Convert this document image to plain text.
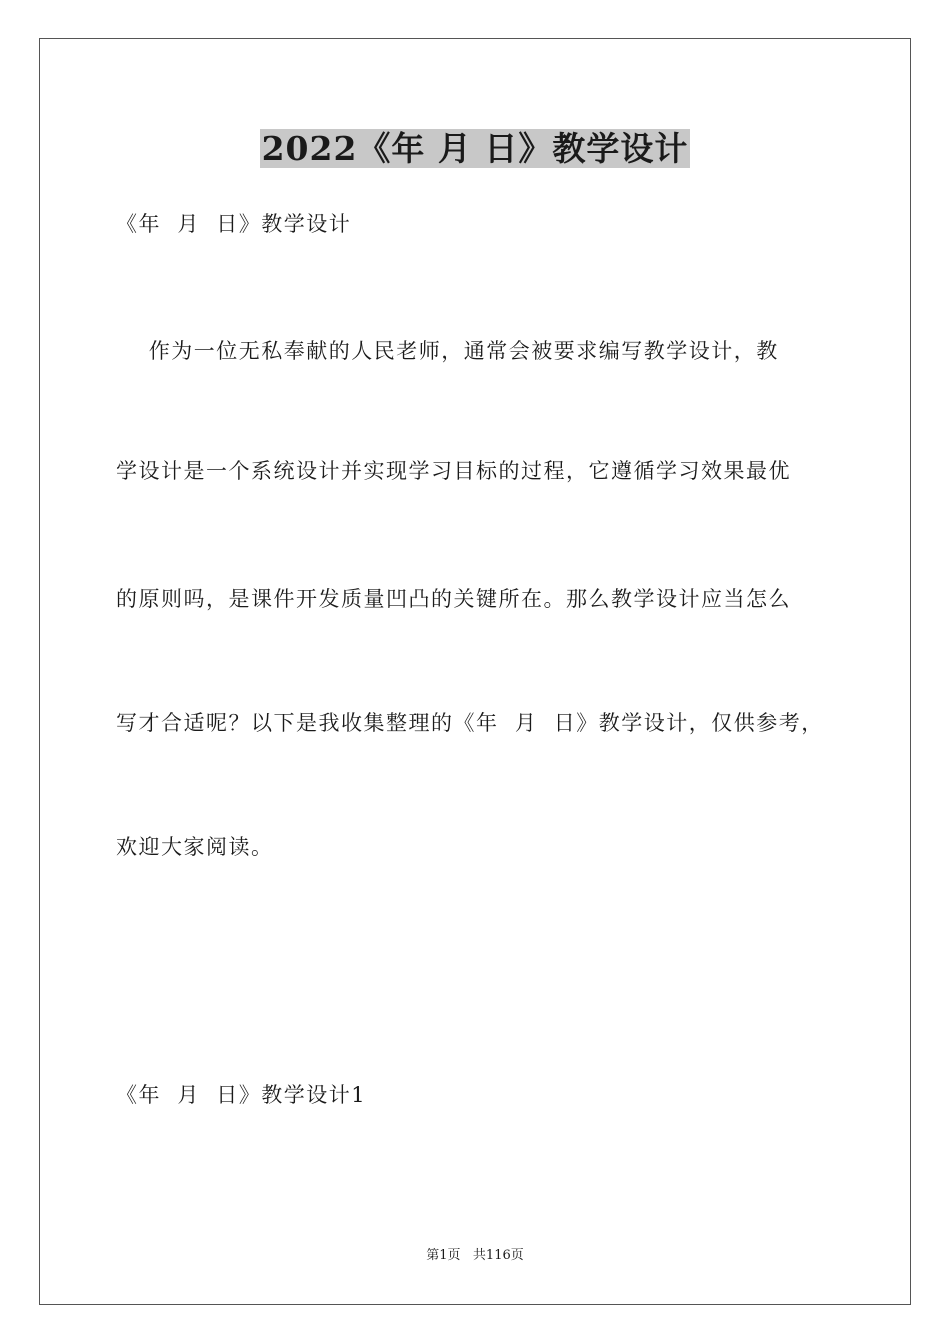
2022《年 月 日》教学设计
《年  月  日》教学设计
作为一位无私奉献的人民老师，通常会被要求编写教学设计，教
学设计是一个系统设计并实现学习目标的过程，它遵循学习效果最优
的原则吗，是课件开发质量凹凸的关键所在。那么教学设计应当怎么
写才合适呢？以下是我收集整理的《年  月  日》教学设计，仅供参考，
欢迎大家阅读。
《年  月  日》教学设计1
第1页   共116页
